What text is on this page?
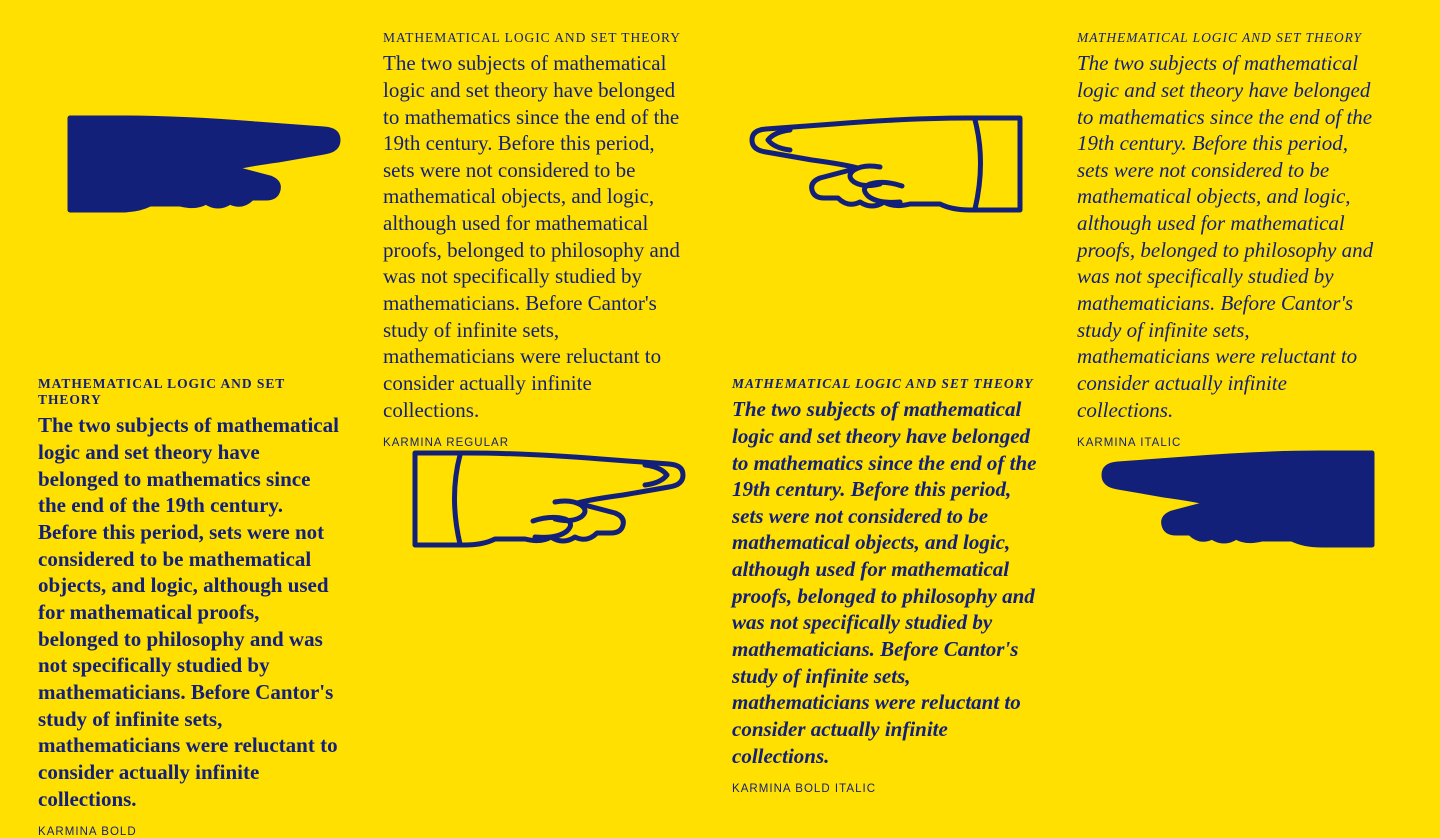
MATHEMATICAL LOGIC AND SET THEORY

The two subjects of mathematical logic and set theory have belonged to mathematics since the end of the 19th century. Before this period, sets were not considered to be mathematical objects, and logic, although used for mathematical proofs, belonged to philosophy and was not specifically studied by mathematicians. Before Cantor's study of infinite sets, mathematicians were reluctant to consider actually infinite collections.

KARMINA REGULAR

MATHEMATICAL LOGIC AND SET THEORY

The two subjects of mathematical logic and set theory have belonged to mathematics since the end of the 19th century. Before this period, sets were not considered to be mathematical objects, and logic, although used for mathematical proofs, belonged to philosophy and was not specifically studied by mathematicians. Before Cantor's study of infinite sets, mathematicians were reluctant to consider actually infinite collections.

KARMINA ITALIC

MATHEMATICAL LOGIC AND SET THEORY

The two subjects of mathematical logic and set theory have belonged to mathematics since the end of the 19th century. Before this period, sets were not considered to be mathematical objects, and logic, although used for mathematical proofs, belonged to philosophy and was not specifically studied by mathematicians. Before Cantor's study of infinite sets, mathematicians were reluctant to consider actually infinite collections.

KARMINA BOLD

MATHEMATICAL LOGIC AND SET THEORY

The two subjects of mathematical logic and set theory have belonged to mathematics since the end of the 19th century. Before this period, sets were not considered to be mathematical objects, and logic, although used for mathematical proofs, belonged to philosophy and was not specifically studied by mathematicians. Before Cantor's study of infinite sets, mathematicians were reluctant to consider actually infinite collections.

KARMINA BOLD ITALIC
